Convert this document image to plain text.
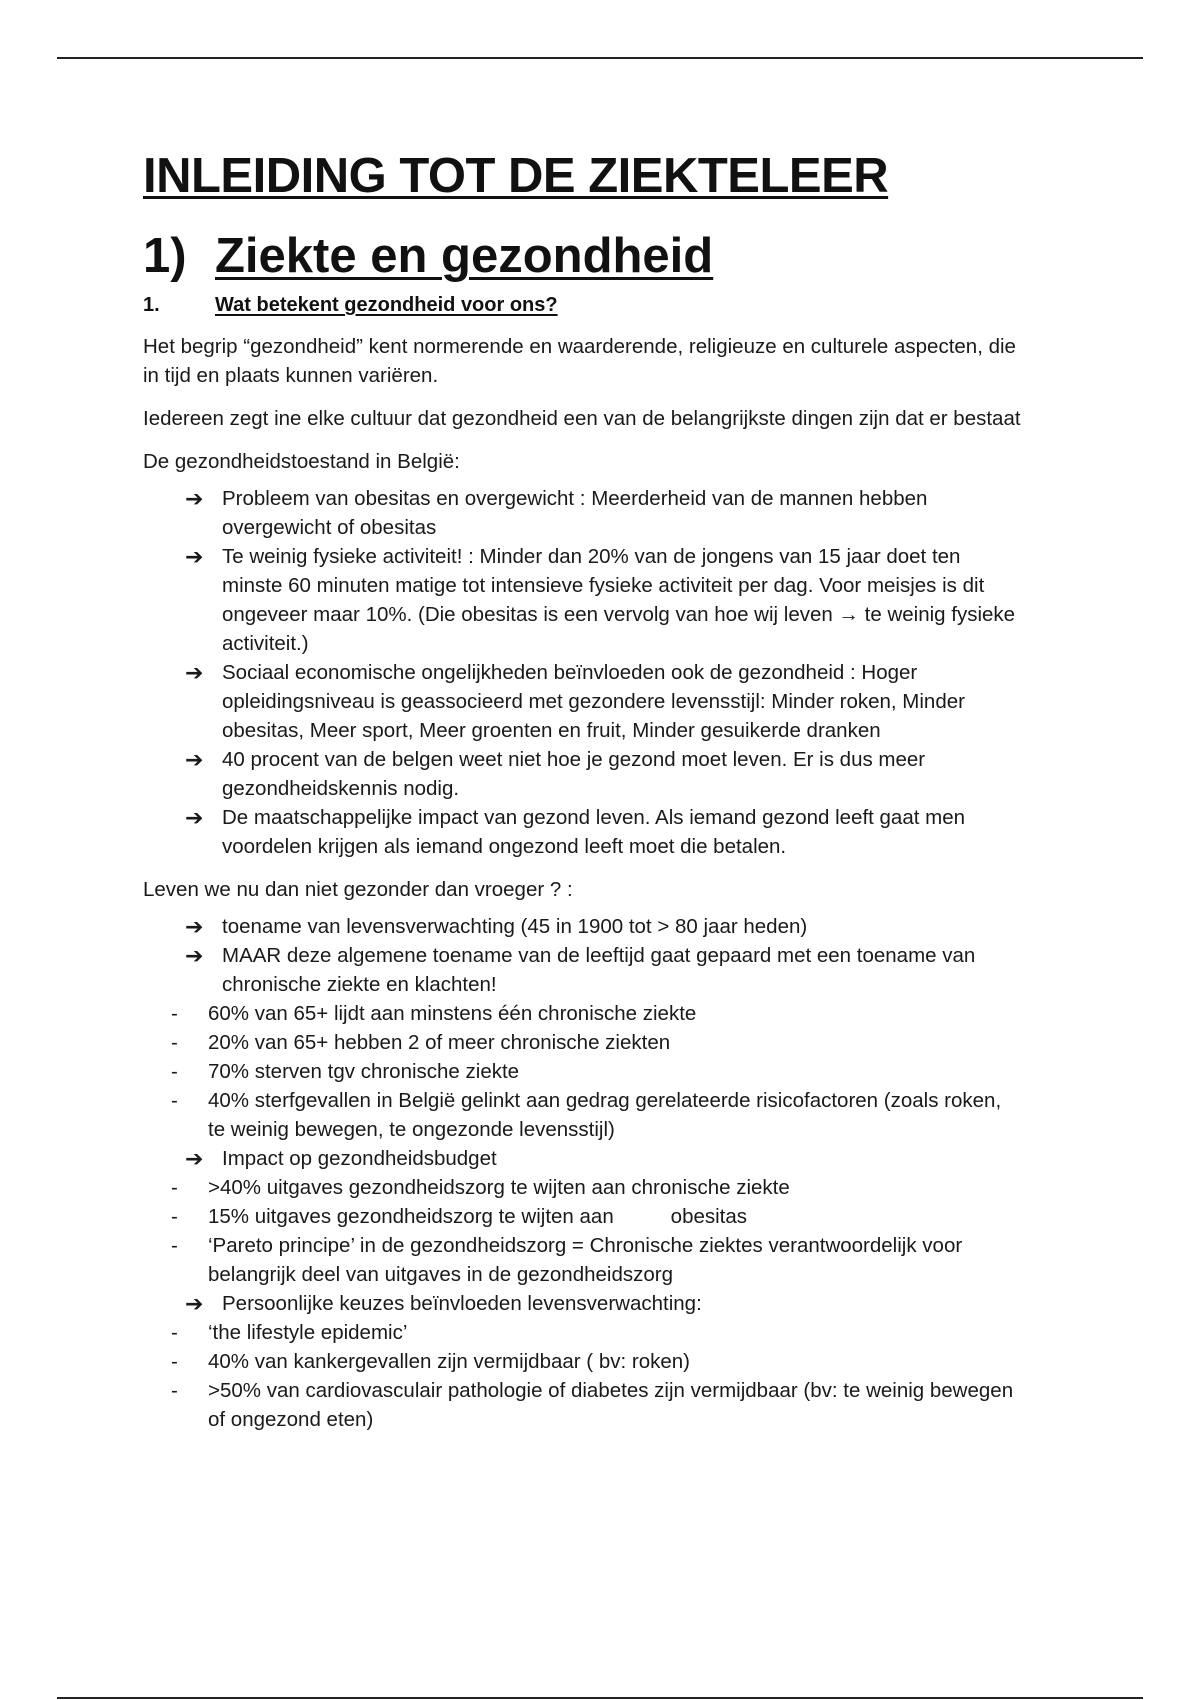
INLEIDING TOT DE ZIEKTELEER
1) Ziekte en gezondheid
1.	Wat betekent gezondheid voor ons?

Het begrip “gezondheid” kent normerende en waarderende, religieuze en culturele aspecten, die in tijd en plaats kunnen variëren.

Iedereen zegt ine elke cultuur dat gezondheid een van de belangrijkste dingen zijn dat er bestaat

De gezondheidstoestand in België:

➔ Probleem van obesitas en overgewicht : Meerderheid van de mannen hebben overgewicht of obesitas
➔ Te weinig fysieke activiteit! : Minder dan 20% van de jongens van 15 jaar doet ten minste 60 minuten matige tot intensieve fysieke activiteit per dag. Voor meisjes is dit ongeveer maar 10%. (Die obesitas is een vervolg van hoe wij leven → te weinig fysieke activiteit.)
➔ Sociaal economische ongelijkheden beïnvloeden ook de gezondheid : Hoger opleidingsniveau is geassocieerd met gezondere levensstijl: Minder roken, Minder obesitas, Meer sport, Meer groenten en fruit, Minder gesuikerde dranken
➔ 40 procent van de belgen weet niet hoe je gezond moet leven. Er is dus meer gezondheidskennis nodig.
➔ De maatschappelijke impact van gezond leven. Als iemand gezond leeft gaat men voordelen krijgen als iemand ongezond leeft moet die betalen.

Leven we nu dan niet gezonder dan vroeger ? :

➔ toename van levensverwachting (45 in 1900 tot > 80 jaar heden)
➔ MAAR deze algemene toename van de leeftijd gaat gepaard met een toename van chronische ziekte en klachten!
- 60% van 65+ lijdt aan minstens één chronische ziekte
- 20% van 65+ hebben 2 of meer chronische ziekten
- 70% sterven tgv chronische ziekte
- 40% sterfgevallen in België gelinkt aan gedrag gerelateerde risicofactoren (zoals roken, te weinig bewegen, te ongezonde levensstijl)
➔ Impact op gezondheidsbudget
- >40% uitgaves gezondheidszorg te wijten aan chronische ziekte
- 15% uitgaves gezondheidszorg te wijten aan          obesitas
- ‘Pareto principe’ in de gezondheidszorg = Chronische ziektes verantwoordelijk voor belangrijk deel van uitgaves in de gezondheidszorg
➔ Persoonlijke keuzes beïnvloeden levensverwachting:
- ‘the lifestyle epidemic’
- 40% van kankergevallen zijn vermijdbaar ( bv: roken)
- >50% van cardiovasculair pathologie of diabetes zijn vermijdbaar (bv: te weinig bewegen of ongezond eten)
